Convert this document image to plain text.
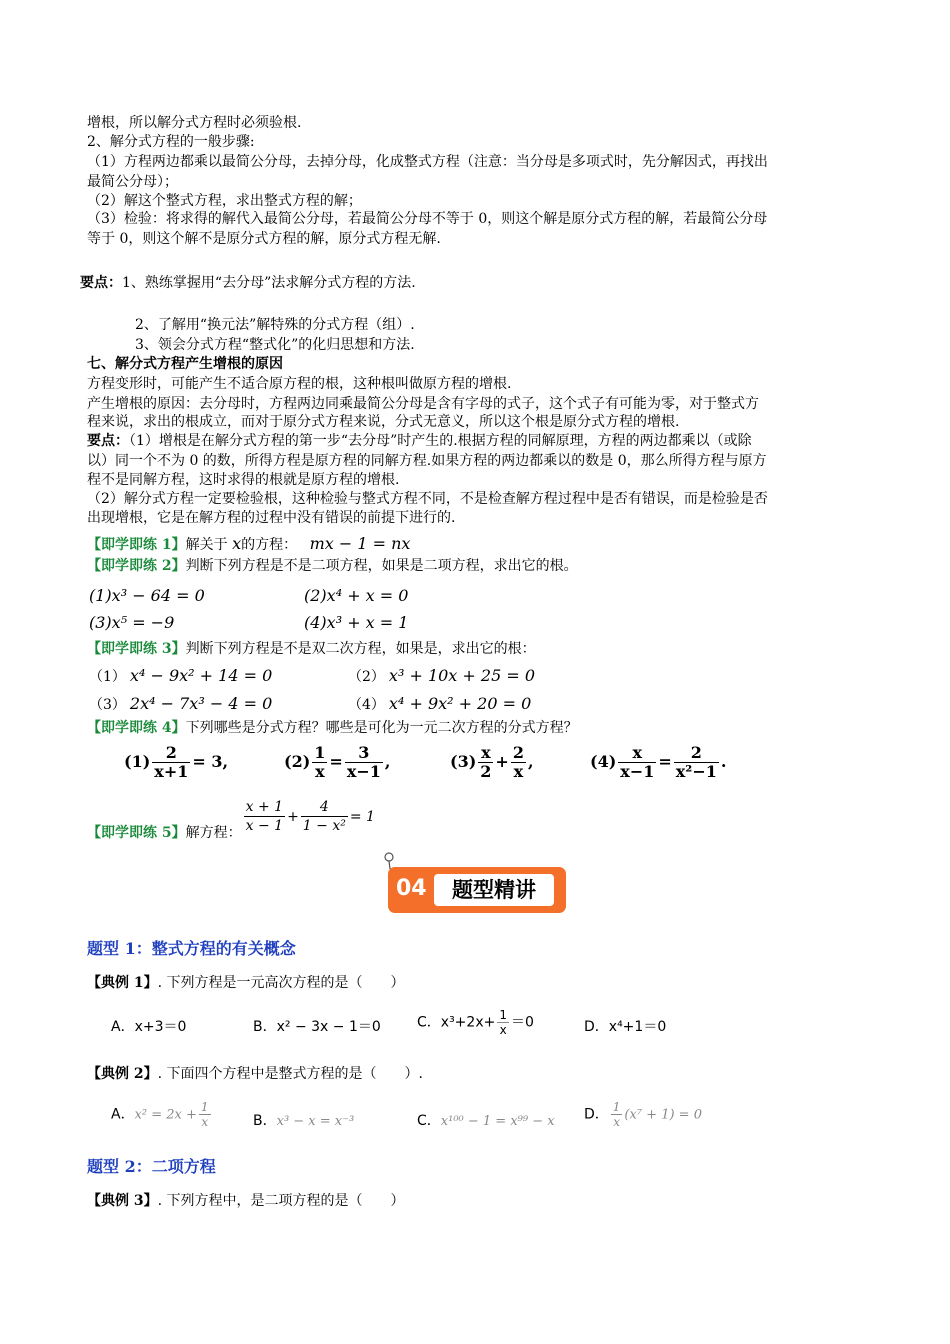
增根，所以解分式方程时必须验根.
2、解分式方程的一般步骤:
（1）方程两边都乘以最简公分母，去掉分母，化成整式方程（注意：当分母是多项式时，先分解因式，再找出
最简公分母）；
（2）解这个整式方程，求出整式方程的解；
（3）检验：将求得的解代入最简公分母，若最简公分母不等于 0，则这个解是原分式方程的解，若最简公分母
等于 0，则这个解不是原分式方程的解，原分式方程无解.
要点：1、熟练掌握用“去分母”法求解分式方程的方法.
2、了解用“换元法”解特殊的分式方程（组）.
3、领会分式方程“整式化”的化归思想和方法.
七、解分式方程产生增根的原因
方程变形时，可能产生不适合原方程的根，这种根叫做原方程的增根.
产生增根的原因：去分母时，方程两边同乘最简公分母是含有字母的式子，这个式子有可能为零，对于整式方
程来说，求出的根成立，而对于原分式方程来说，分式无意义，所以这个根是原分式方程的增根.
要点：（1）增根是在解分式方程的第一步“去分母”时产生的.根据方程的同解原理，方程的两边都乘以（或除
以）同一个不为 0 的数，所得方程是原方程的同解方程.如果方程的两边都乘以的数是 0，那么所得方程与原方
程不是同解方程，这时求得的根就是原方程的增根.
（2）解分式方程一定要检验根，这种检验与整式方程不同，不是检查解方程过程中是否有错误，而是检验是否
出现增根，它是在解方程的过程中没有错误的前提下进行的.
【即学即练 1】解关于 x的方程： mx − 1 = nx
【即学即练 2】判断下列方程是不是二项方程，如果是二项方程，求出它的根。
(1)x³ − 64 = 0	(2)x⁴ + x = 0
(3)x⁵ = −9	(4)x³ + x = 1
【即学即练 3】判断下列方程是不是双二次方程，如果是，求出它的根：
（1） x⁴ − 9x² + 14 = 0	（2） x³ + 10x + 25 = 0
（3） 2x⁴ − 7x³ − 4 = 0	（4） x⁴ + 9x² + 20 = 0
【即学即练 4】下列哪些是分式方程？哪些是可化为一元二次方程的分式方程？
$(1) \frac{2}{x+1} = 3$,	$(2) \frac{1}{x} = \frac{3}{x-1}$ ,	$(3) \frac{x}{2} + \frac{2}{x}$ ,	$(4) \frac{x}{x-1} = \frac{2}{\text{x²−1}}$ .
【即学即练 5】解方程： $\frac{x + 1}{x - 1} + \frac{4}{\text{1 − x²}} = 1$
04	题型精讲
题型 1：整式方程的有关概念
【典例 1】. 下列方程是一元高次方程的是（　　）
A．x+3＝0	B．x² − 3x − 1＝0	C．$x^3+2x+ \frac{1}{x} =0$	D．x⁴+1＝0
【典例 2】. 下面四个方程中是整式方程的是（　　）.
A．$x^2 = 2x + \frac{1}{x}$	B．x³ − x = x⁻³	C．x¹⁰⁰ − 1 = x⁹⁹ − x D． $\frac{1}{x} (x^7 + 1) = 0$
题型 2：二项方程
【典例 3】. 下列方程中，是二项方程的是（　　）
